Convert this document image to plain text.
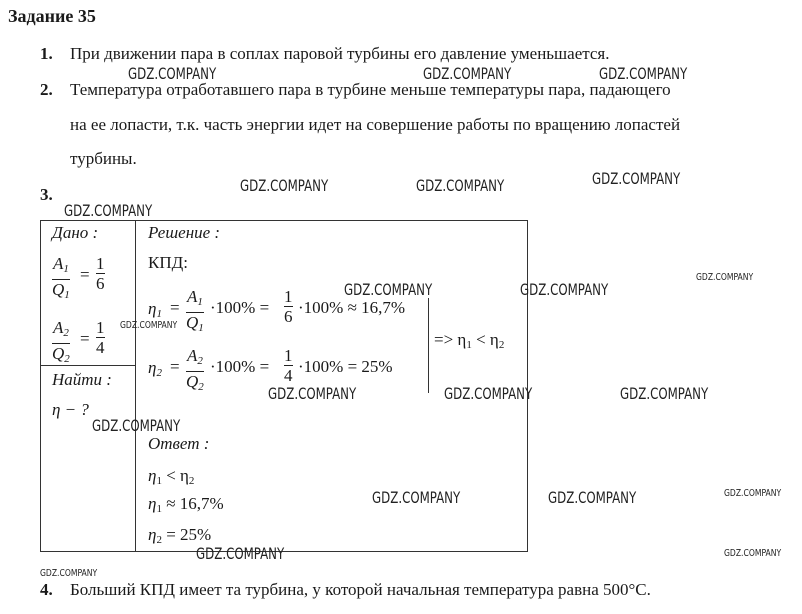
Задание 35
1. При движении пара в соплах паровой турбины его давление уменьшается.
2. Температура отработавшего пара в турбине меньше температуры пара, падающего
на ее лопасти, т.к. часть энергии идет на совершение работы по вращению лопастей
турбины.
3.
Дано :
$A_1$
$Q_1$
=
1
6
$A_2$
$Q_2$
=
1
4
Найти :
η − ?
Решение :
КПД:
$\eta_1$ =
$A_1$
$Q_1$
·100% =
1
6 ·100% ≈ 16,7%
$\eta_2$ =
$A_2$
$Q_2$
·100% =
1
4 ·100% = 25%
=> $\eta_1 < \eta_2$
Ответ :
$\eta_1 < \eta_2$
$\eta_1 \approx 16,7\%$
$\eta_2 = 25\%$
4. Больший КПД имеет та турбина, у которой начальная температура равна 500°С.
GDZ.COMPANY	GDZ.COMPANY	GDZ.COMPANY
GDZ.COMPANY	GDZ.COMPANY	GDZ.COMPANY
GDZ.COMPANY
GDZ.COMPANY
GDZ.COMPANY	GDZ.COMPANY
GDZ.COMPANY
GDZ.COMPANY	GDZ.COMPANY	GDZ.COMPANY
GDZ.COMPANY
GDZ.COMPANY	GDZ.COMPANY	GDZ.COMPANY
GDZ.COMPANY	GDZ.COMPANY
GDZ.COMPANY
